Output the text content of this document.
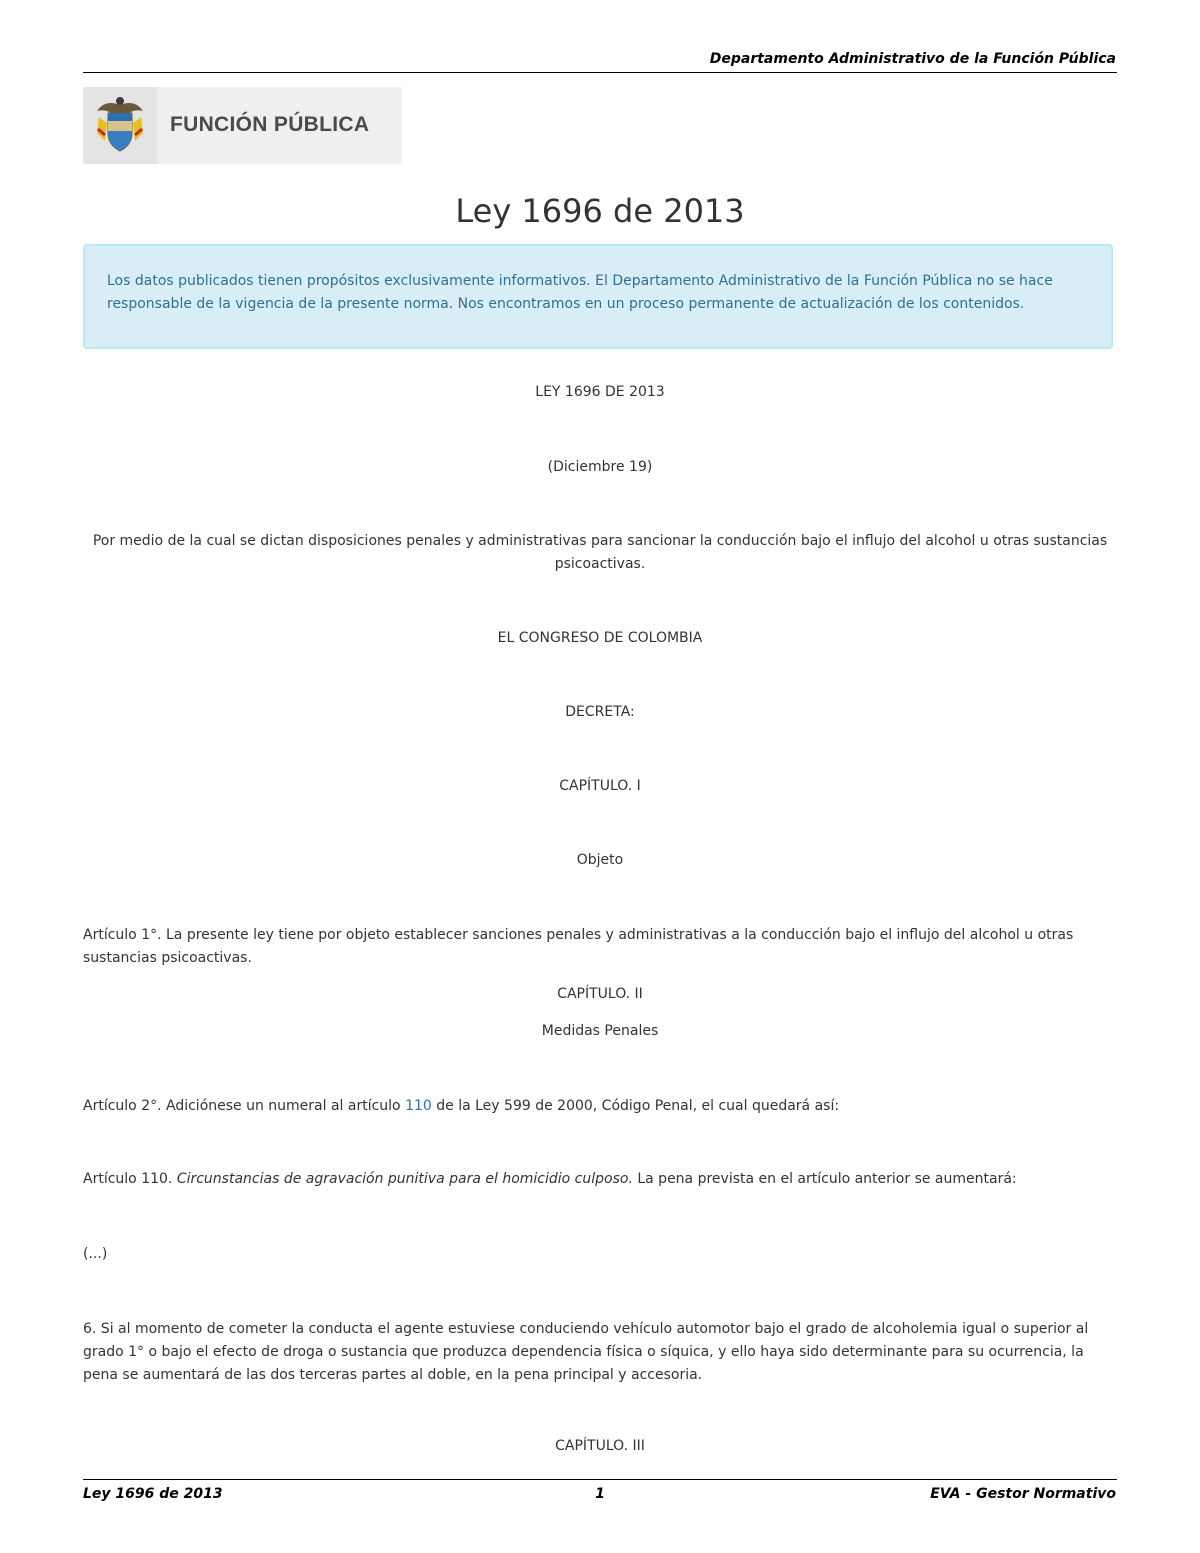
Departamento Administrativo de la Función Pública
FUNCIÓN PÚBLICA
Ley 1696 de 2013
Los datos publicados tienen propósitos exclusivamente informativos. El Departamento Administrativo de la Función Pública no se hace responsable de la vigencia de la presente norma. Nos encontramos en un proceso permanente de actualización de los contenidos.
LEY 1696 DE 2013
(Diciembre 19)
Por medio de la cual se dictan disposiciones penales y administrativas para sancionar la conducción bajo el influjo del alcohol u otras sustancias psicoactivas.
EL CONGRESO DE COLOMBIA
DECRETA:
CAPÍTULO. I
Objeto
Artículo 1°. La presente ley tiene por objeto establecer sanciones penales y administrativas a la conducción bajo el influjo del alcohol u otras sustancias psicoactivas.
CAPÍTULO. II
Medidas Penales
Artículo 2°. Adiciónese un numeral al artículo 110 de la Ley 599 de 2000, Código Penal, el cual quedará así:
Artículo 110. Circunstancias de agravación punitiva para el homicidio culposo. La pena prevista en el artículo anterior se aumentará:
(...)
6. Si al momento de cometer la conducta el agente estuviese conduciendo vehículo automotor bajo el grado de alcoholemia igual o superior al grado 1° o bajo el efecto de droga o sustancia que produzca dependencia física o síquica, y ello haya sido determinante para su ocurrencia, la pena se aumentará de las dos terceras partes al doble, en la pena principal y accesoria.
CAPÍTULO. III
Ley 1696 de 2013	1	EVA - Gestor Normativo
